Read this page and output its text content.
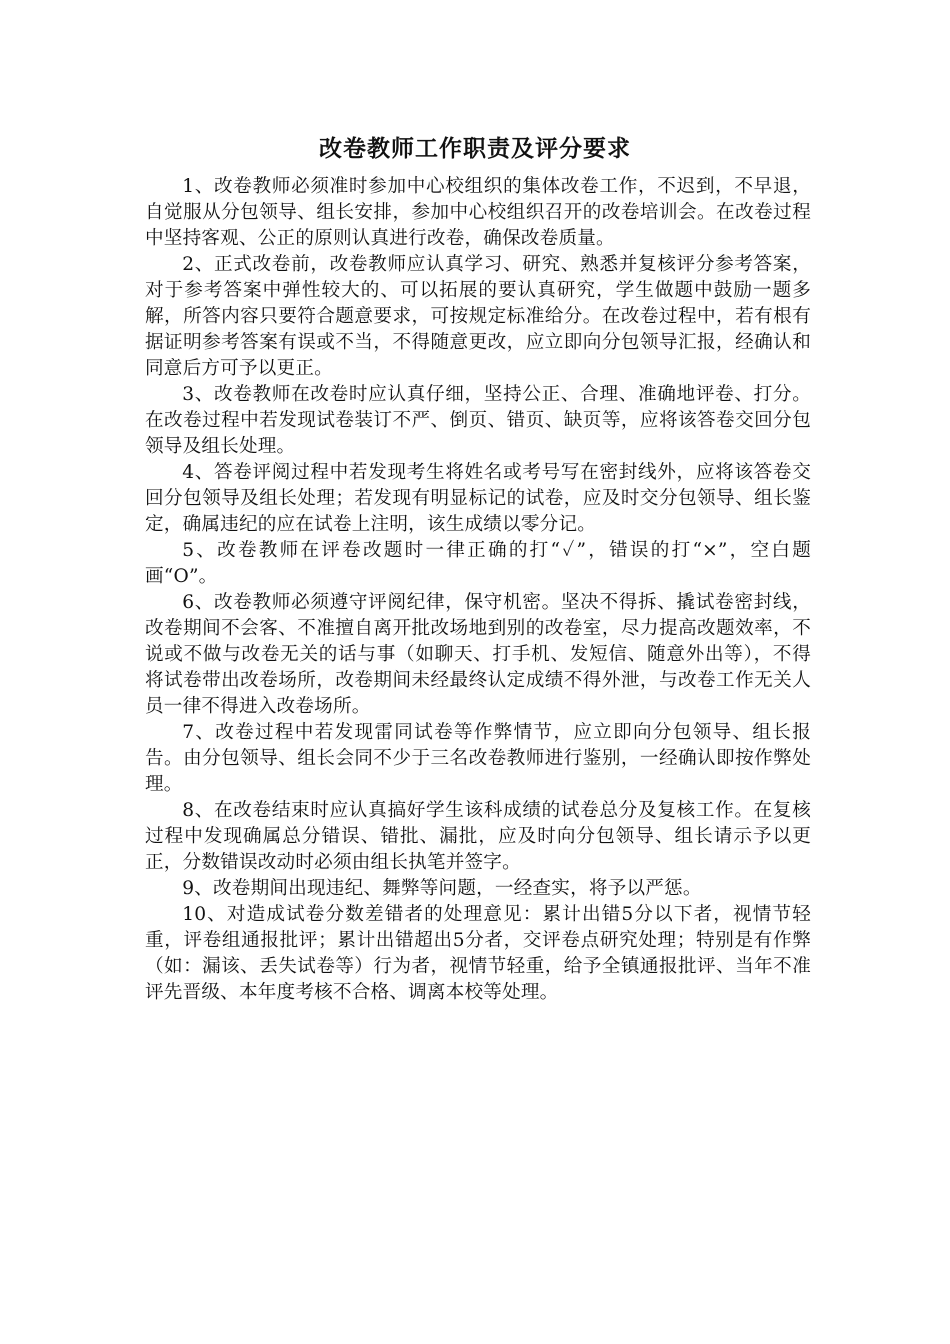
改卷教师工作职责及评分要求

1、改卷教师必须准时参加中心校组织的集体改卷工作，不迟到，不早退，自觉服从分包领导、组长安排，参加中心校组织召开的改卷培训会。在改卷过程中坚持客观、公正的原则认真进行改卷，确保改卷质量。

2、正式改卷前，改卷教师应认真学习、研究、熟悉并复核评分参考答案，对于参考答案中弹性较大的、可以拓展的要认真研究，学生做题中鼓励一题多解，所答内容只要符合题意要求，可按规定标准给分。在改卷过程中，若有根有据证明参考答案有误或不当，不得随意更改，应立即向分包领导汇报，经确认和同意后方可予以更正。

3、改卷教师在改卷时应认真仔细，坚持公正、合理、准确地评卷、打分。在改卷过程中若发现试卷装订不严、倒页、错页、缺页等，应将该答卷交回分包领导及组长处理。

4、答卷评阅过程中若发现考生将姓名或考号写在密封线外，应将该答卷交回分包领导及组长处理；若发现有明显标记的试卷，应及时交分包领导、组长鉴定，确属违纪的应在试卷上注明，该生成绩以零分记。

5、改卷教师在评卷改题时一律正确的打“✓”，错误的打“×”，空白题画“O”。

6、改卷教师必须遵守评阅纪律，保守机密。坚决不得拆、撬试卷密封线，改卷期间不会客、不准擅自离开批改场地到别的改卷室，尽力提高改题效率，不说或不做与改卷无关的话与事（如聊天、打手机、发短信、随意外出等），不得将试卷带出改卷场所，改卷期间未经最终认定成绩不得外泄，与改卷工作无关人员一律不得进入改卷场所。

7、改卷过程中若发现雷同试卷等作弊情节，应立即向分包领导、组长报告。由分包领导、组长会同不少于三名改卷教师进行鉴别，一经确认即按作弊处理。

8、在改卷结束时应认真搞好学生该科成绩的试卷总分及复核工作。在复核过程中发现确属总分错误、错批、漏批，应及时向分包领导、组长请示予以更正，分数错误改动时必须由组长执笔并签字。

9、改卷期间出现违纪、舞弊等问题，一经查实，将予以严惩。

10、对造成试卷分数差错者的处理意见：累计出错5分以下者，视情节轻重，评卷组通报批评；累计出错超出5分者，交评卷点研究处理；特别是有作弊（如：漏该、丢失试卷等）行为者，视情节轻重，给予全镇通报批评、当年不准评先晋级、本年度考核不合格、调离本校等处理。
